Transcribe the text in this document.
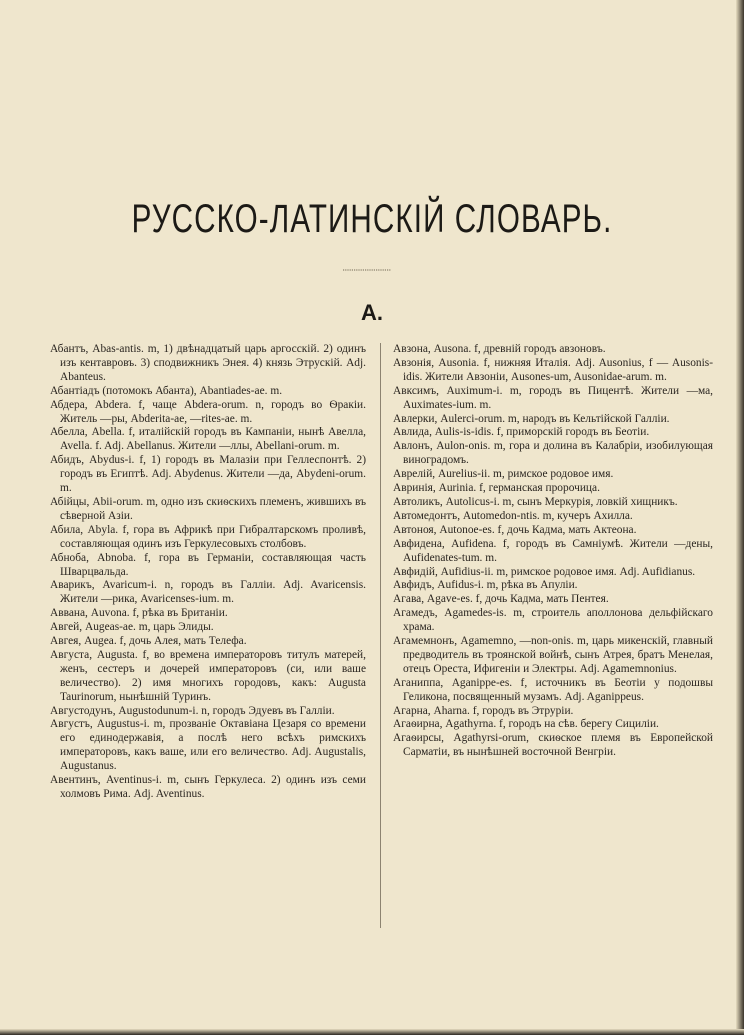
РУССКО-ЛАТИНСКІЙ СЛОВАРЬ.
А.

Абантъ, Abas-antis. m, 1) двѣнадцатый царь аргосскій. 2) одинъ изъ кентавровъ. 3) сподвижникъ Энея. 4) князь Этрускій. Adj. Abanteus.

Абантіадъ (потомокъ Абанта), Abantiades-ae. m.

Абдера, Abdera. f, чаще Abdera-orum. n, городъ во Ѳракіи. Житель —ры, Abderita-ae, —rites-ae. m.

Абелла, Abella. f, италійскій городъ въ Кампаніи, нынѣ Авелла, Avella. f. Adj. Abellanus. Жители —ллы, Abellani-orum. m.

Абидъ, Abydus-i. f, 1) городъ въ Малазіи при Геллеспонтѣ. 2) городъ въ Египтѣ. Adj. Abydenus. Жители —да, Abydeni-orum. m.

Абійцы, Abii-orum. m, одно изъ скиѳскихъ племенъ, жившихъ въ сѣверной Азіи.

Абила, Abyla. f, гора въ Африкѣ при Гибралтарскомъ проливѣ, составляющая одинъ изъ Геркулесовыхъ столбовъ.

Абноба, Abnoba. f, гора въ Германіи, составляющая часть Шварцвальда.

Аварикъ, Avaricum-i. n, городъ въ Галліи. Adj. Avaricensis. Жители —рика, Avaricenses-ium. m.

Аввана, Auvona. f, рѣка въ Британіи.

Авгей, Augeas-ae. m, царь Элиды.

Авгея, Augea. f, дочь Алея, мать Телефа.

Августа, Augusta. f, во времена императоровъ титулъ матерей, женъ, сестеръ и дочерей императоровъ (си, или ваше величество). 2) имя многихъ городовъ, какъ: Augusta Taurinorum, нынѣшній Туринъ.

Августодунъ, Augustodunum-i. n, городъ Эдуевъ въ Галліи.

Августъ, Augustus-i. m, прозваніе Октавіана Цезаря со времени его единодержавія, а послѣ него всѣхъ римскихъ императоровъ, какъ ваше, или его величество. Adj. Augustalis, Augustanus.

Авентинъ, Aventinus-i. m, сынъ Геркулеса. 2) одинъ изъ семи холмовъ Рима. Adj. Aventinus.

Авзона, Ausona. f, древній городъ авзоновъ.

Авзонія, Ausonia. f, нижняя Италія. Adj. Ausonius, f — Ausonis-idis. Жители Авзоніи, Ausones-um, Ausonidae-arum. m.

Авксимъ, Auximum-i. m, городъ въ Пицентѣ. Жители —ма, Auximates-ium. m.

Авлерки, Aulerci-orum. m, народъ въ Кельтійской Галліи.

Авлида, Aulis-is-idis. f, приморскій городъ въ Беотіи.

Авлонъ, Aulon-onis. m, гора и долина въ Калабріи, изобилующая виноградомъ.

Аврелій, Aurelius-ii. m, римское родовое имя.

Авринія, Aurinia. f, германская пророчица.

Автоликъ, Autolicus-i. m, сынъ Меркурія, ловкій хищникъ.

Автомедонтъ, Automedon-ntis. m, кучеръ Ахилла.

Автоноя, Autonoe-es. f, дочь Кадма, мать Актеона.

Авфидена, Aufidena. f, городъ въ Самніумѣ. Жители —дены, Aufidenates-tum. m.

Авфидій, Aufidius-ii. m, римское родовое имя. Adj. Aufidianus.

Авфидъ, Aufidus-i. m, рѣка въ Апуліи.

Агава, Agave-es. f, дочь Кадма, мать Пентея.

Агамедъ, Agamedes-is. m, строитель аполлонова дельфійскаго храма.

Агамемнонъ, Agamemno, —non-onis. m, царь микенскій, главный предводитель въ троянской войнѣ, сынъ Атрея, братъ Менелая, отецъ Ореста, Ифигеніи и Электры. Adj. Agamemnonius.

Аганиппа, Aganippe-es. f, источникъ въ Беотіи у подошвы Геликона, посвященный музамъ. Adj. Aganippeus.

Агарна, Aharna. f, городъ въ Этруріи.

Агаѳирна, Agathyrna. f, городъ на сѣв. берегу Сициліи.

Агаѳирсы, Agathyrsi-orum, скиѳское племя въ Европейской Сарматіи, въ нынѣшней восточной Венгріи.
